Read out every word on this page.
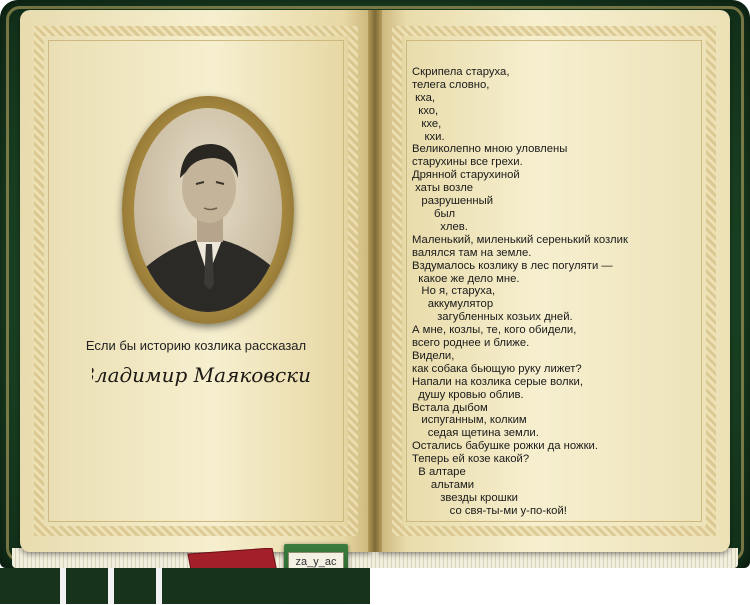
Если бы историю козлика рассказал
Владимир Маяковский
Скрипела старуха,
телега словно,
кха,
кхо,
кхе,
кхи.
Великолепно мною уловлены
старухины все грехи.
Дрянной старухиной
хаты возле
разрушенный
был
хлев.
Маленький, миленький серенький козлик
валялся там на земле.
Вздумалось козлику в лес погуляти —
какое же дело мне.
Но я, старуха,
аккумулятор
загубленных козьих дней.
А мне, козлы, те, кого обидели,
всего роднее и ближе.
Видели,
как собака бьющую руку лижет?
Напали на козлика серые волки,
душу кровью облив.
Встала дыбом
испуганным, колким
седая щетина земли.
Остались бабушке рожки да ножки.
Теперь ей козе какой?
В алтаре
альтами
звезды крошки
со свя-ты-ми у-по-кой!
za_y_ac
